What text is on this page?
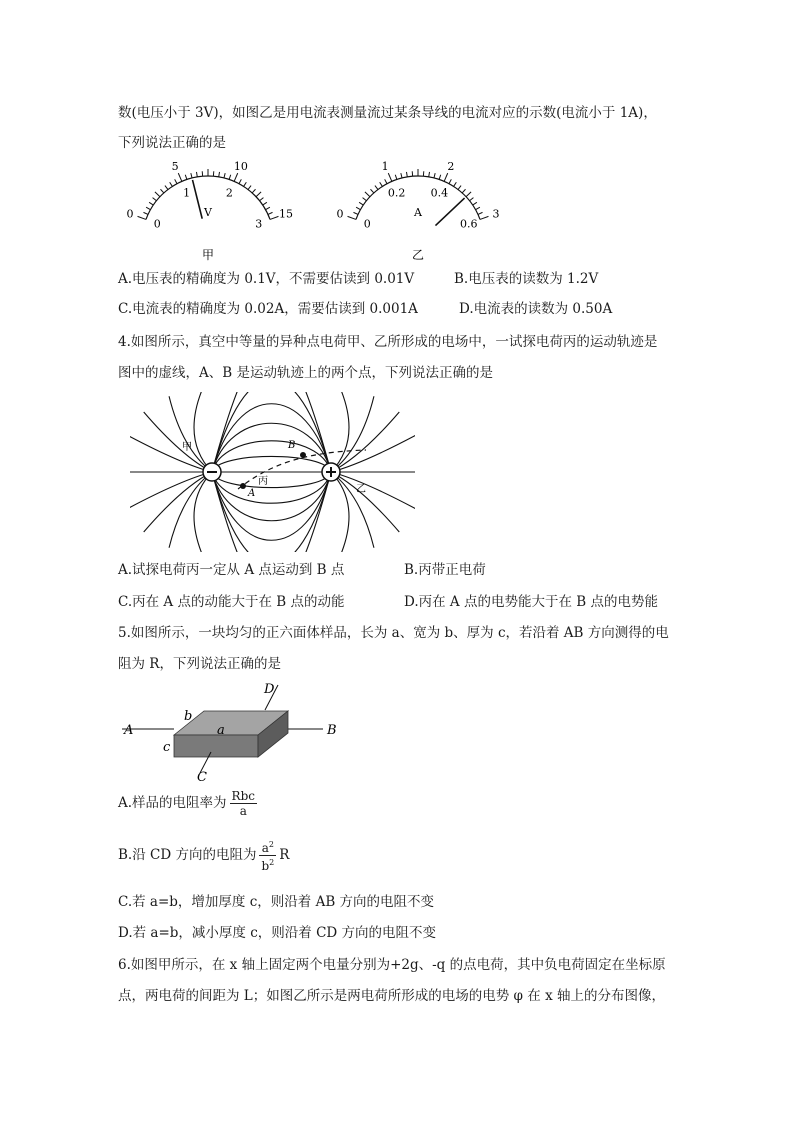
数(电压小于 3V)，如图乙是用电流表测量流过某条导线的电流对应的示数(电流小于 1A)，
下列说法正确的是
0
5	10
15
0
1	2
3
V
甲
0
1	2
3
0
0.2 0.4
0.6
A
乙
A.电压表的精确度为 0.1V，不需要估读到 0.01V	B.电压表的读数为 1.2V
C.电流表的精确度为 0.02A，需要估读到 0.001A	D.电流表的读数为 0.50A
4.如图所示，真空中等量的异种点电荷甲、乙所形成的电场中，一试探电荷丙的运动轨迹是
图中的虚线，A、B 是运动轨迹上的两个点，下列说法正确的是
甲
乙
丙
A
B
A.试探电荷丙一定从 A 点运动到 B 点	B.丙带正电荷
C.丙在 A 点的动能大于在 B 点的动能	D.丙在 A 点的电势能大于在 B 点的电势能
5.如图所示，一块均匀的正六面体样品，长为 a、宽为 b、厚为 c，若沿着 AB 方向测得的电
阻为 R，下列说法正确的是
A	B
C
D
a
b
c
A.样品的电阻率为 $\frac{\text{Rbc}}{a}$
B.沿 CD 方向的电阻为 $\frac{a^2}{b^2}$ R
C.若 a=b，增加厚度 c，则沿着 AB 方向的电阻不变
D.若 a=b，减小厚度 c，则沿着 CD 方向的电阻不变
6.如图甲所示，在 x 轴上固定两个电量分别为+2g、-q 的点电荷，其中负电荷固定在坐标原
点，两电荷的间距为 L；如图乙所示是两电荷所形成的电场的电势 φ 在 x 轴上的分布图像，
